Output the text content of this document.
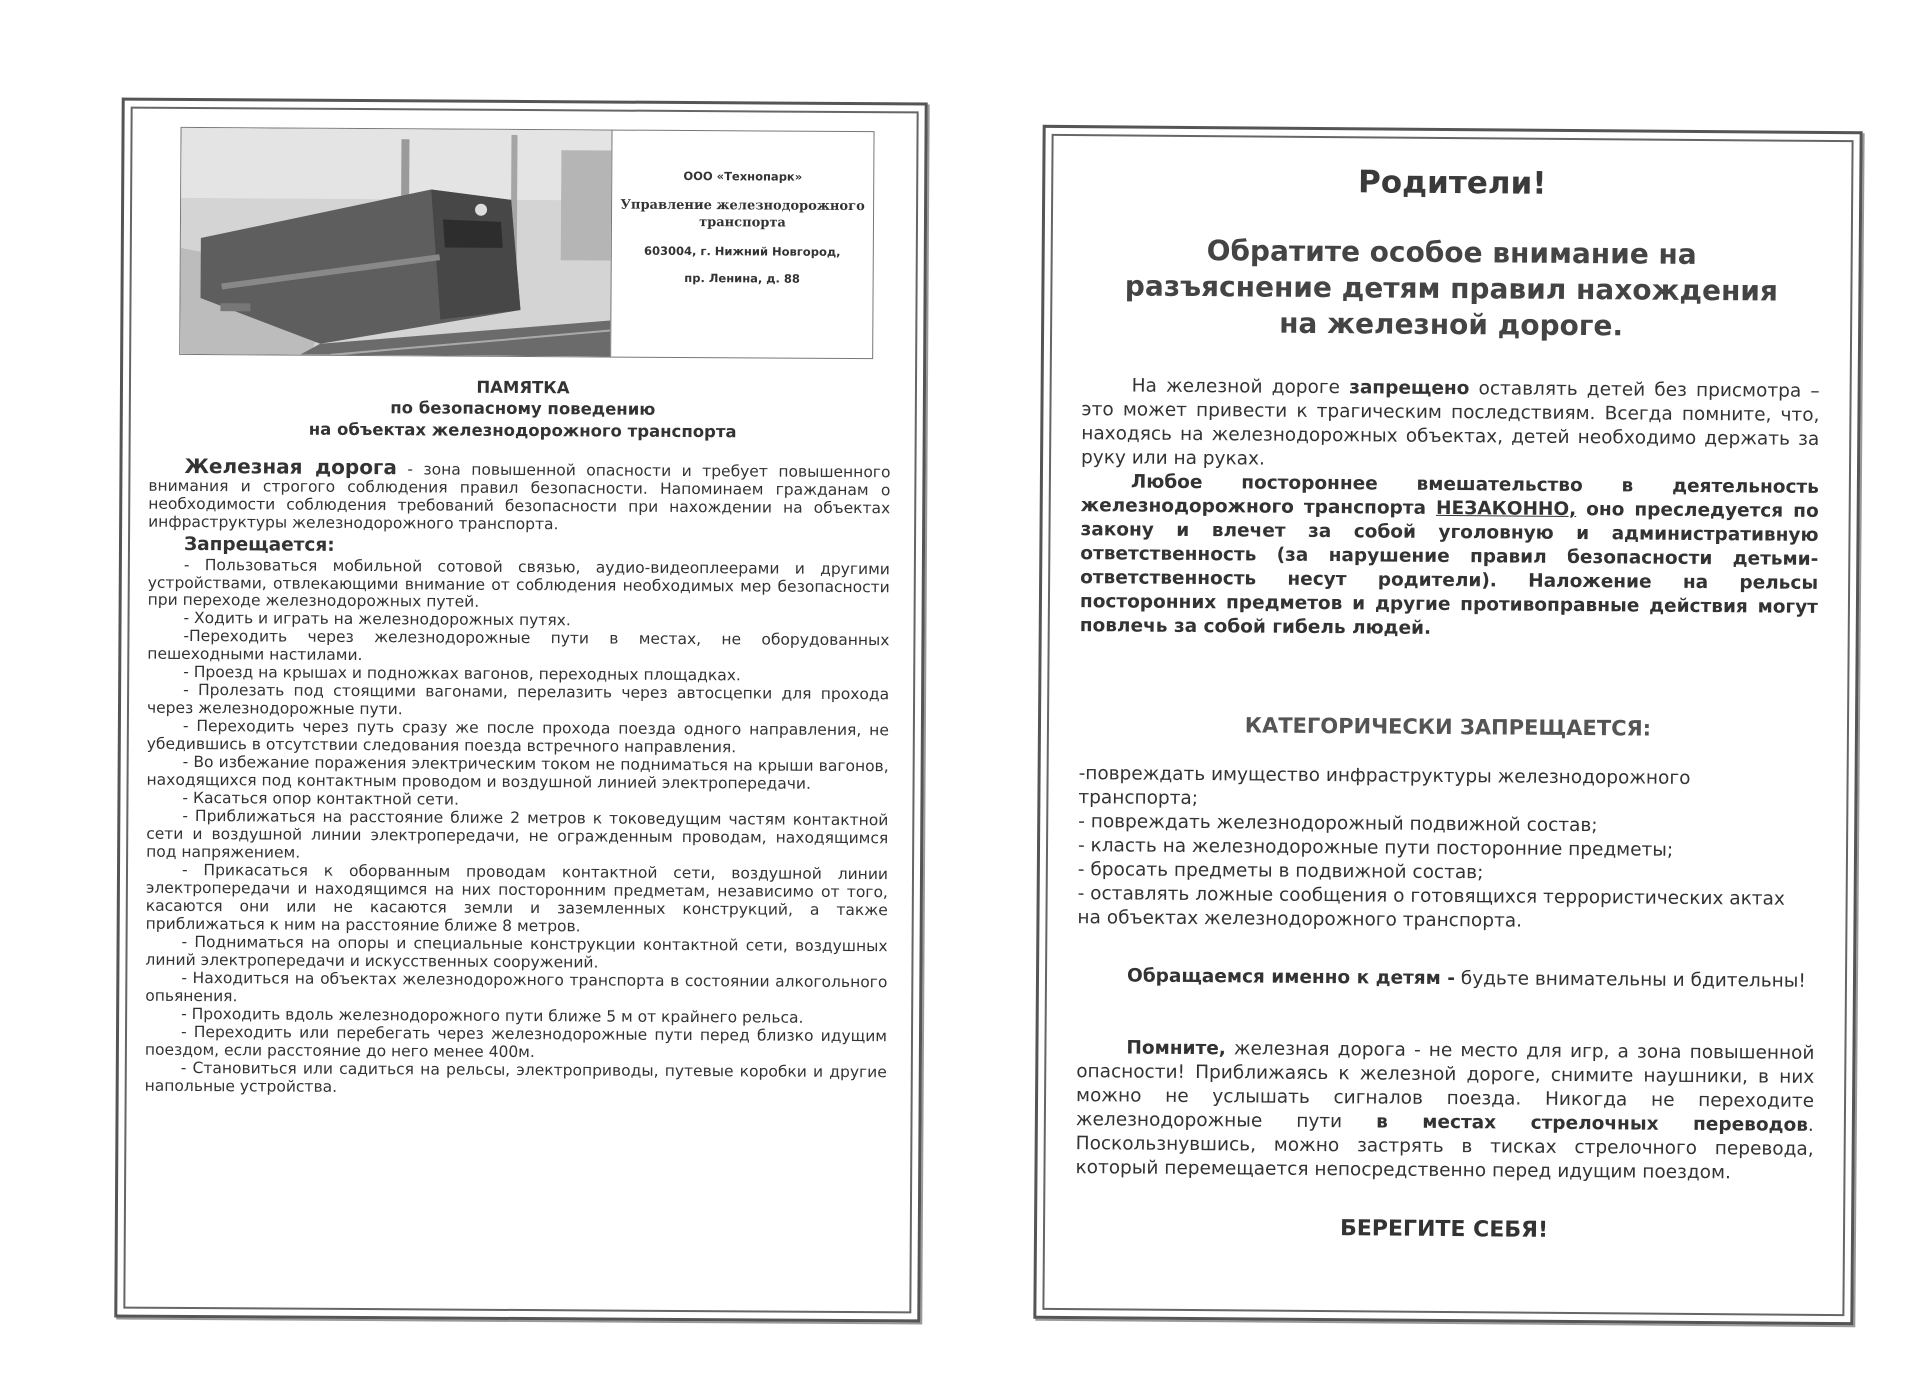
ООО «Технопарк»
Управление железнодорожного транспорта
603004, г. Нижний Новгород,
пр. Ленина, д. 88
ПАМЯТКА
по безопасному поведению
на объектах железнодорожного транспорта

Железная дорога - зона повышенной опасности и требует повышенного внимания и строгого соблюдения правил безопасности. Напоминаем гражданам о необходимости соблюдения требований безопасности при нахождении на объектах инфраструктуры железнодорожного транспорта.

Запрещается:

- Пользоваться мобильной сотовой связью, аудио-видеоплеерами и другими устройствами, отвлекающими внимание от соблюдения необходимых мер безопасности при переходе железнодорожных путей.

- Ходить и играть на железнодорожных путях.

-Переходить через железнодорожные пути в местах, не оборудованных пешеходными настилами.

- Проезд на крышах и подножках вагонов, переходных площадках.

- Пролезать под стоящими вагонами, перелазить через автосцепки для прохода через железнодорожные пути.

- Переходить через путь сразу же после прохода поезда одного направления, не убедившись в отсутствии следования поезда встречного направления.

- Во избежание поражения электрическим током не подниматься на крыши вагонов, находящихся под контактным проводом и воздушной линией электропередачи.

- Касаться опор контактной сети.

- Приближаться на расстояние ближе 2 метров к токоведущим частям контактной сети и воздушной линии электропередачи, не огражденным проводам, находящимся под напряжением.

- Прикасаться к оборванным проводам контактной сети, воздушной линии электропередачи и находящимся на них посторонним предметам, независимо от того, касаются они или не касаются земли и заземленных конструкций, а также приближаться к ним на расстояние ближе 8 метров.

- Подниматься на опоры и специальные конструкции контактной сети, воздушных линий электропередачи и искусственных сооружений.

- Находиться на объектах железнодорожного транспорта в состоянии алкогольного опьянения.

- Проходить вдоль железнодорожного пути ближе 5 м от крайнего рельса.

- Переходить или перебегать через железнодорожные пути перед близко идущим поездом, если расстояние до него менее 400м.

- Становиться или садиться на рельсы, электроприводы, путевые коробки и другие напольные устройства.

Родители!
Обратите особое внимание на разъяснение детям правил нахождения на железной дороге.

На железной дороге запрещено оставлять детей без присмотра – это может привести к трагическим последствиям. Всегда помните, что, находясь на железнодорожных объектах, детей необходимо держать за руку или на руках.

Любое постороннее вмешательство в деятельность железнодорожного транспорта НЕЗАКОННО, оно преследуется по закону и влечет за собой уголовную и административную ответственность (за нарушение правил безопасности детьми- ответственность несут родители). Наложение на рельсы посторонних предметов и другие противоправные действия могут повлечь за собой гибель людей.

КАТЕГОРИЧЕСКИ ЗАПРЕЩАЕТСЯ:
-повреждать имущество инфраструктуры железнодорожного транспорта;
- повреждать железнодорожный подвижной состав;
- класть на железнодорожные пути посторонние предметы;
- бросать предметы в подвижной состав;
- оставлять ложные сообщения о готовящихся террористических актах на объектах железнодорожного транспорта.

Обращаемся именно к детям - будьте внимательны и бдительны!

Помните, железная дорога - не место для игр, а зона повышенной опасности! Приближаясь к железной дороге, снимите наушники, в них можно не услышать сигналов поезда. Никогда не переходите железнодорожные пути в местах стрелочных переводов. Поскользнувшись, можно застрять в тисках стрелочного перевода, который перемещается непосредственно перед идущим поездом.

БЕРЕГИТЕ СЕБЯ!
